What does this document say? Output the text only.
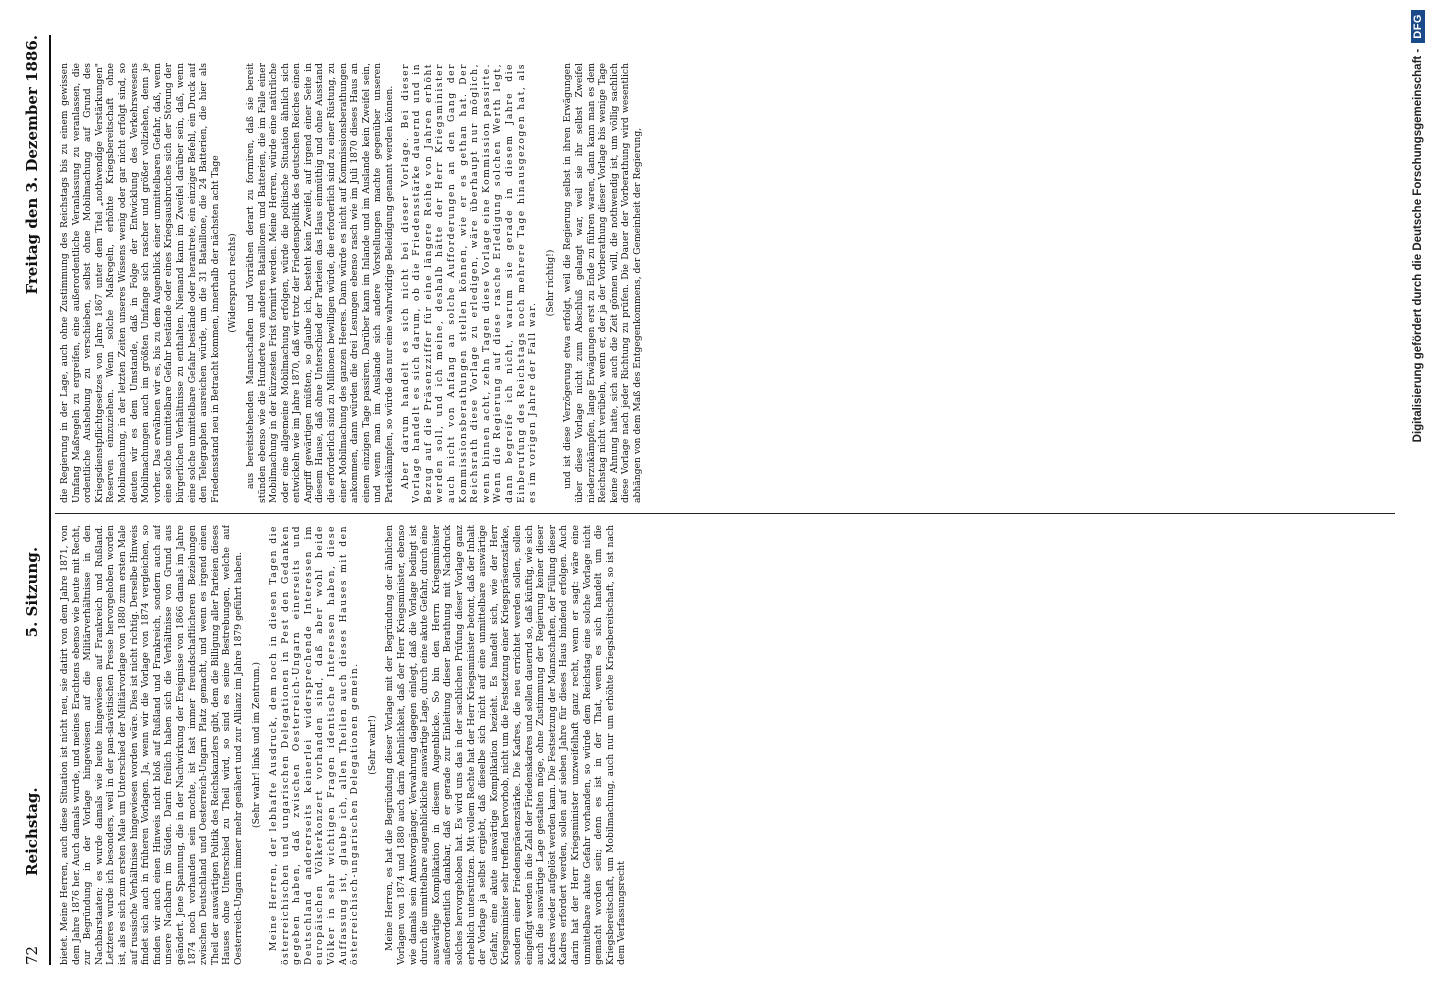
72
Reichstag.
5. Sitzung.
Freitag den 3. Dezember 1886.

bietet. Meine Herren, auch diese Situation ist nicht neu, sie datirt von dem Jahre 1871, von dem Jahre 1876 her. Auch damals wurde, und meines Erachtens ebenso wie heute mit Recht, zur Begründung in der Vorlage hingewiesen auf die Militärverhältnisse in den Nachbarstaaten; es wurde damals wie heute hingewiesen auf Frankreich und Rußland. Letzteres wurde ich besonders, weil in der pan-slavistischen Presse hervorgehoben worden ist, als es sich zum ersten Male um Unterschied der Militärvorlage von 1880 zum ersten Male auf russische Verhältnisse hingewiesen worden wäre. Dies ist nicht richtig. Derselbe Hinweis findet sich auch in früheren Vorlagen. Ja, wenn wir die Vorlage von 1874 vergleichen, so finden wir auch einen Hinweis nicht bloß auf Rußland und Frankreich, sondern auch auf unsere Nachbarn im Süden. Darin freilich haben sich die Verhältnisse von Grund aus geändert. Jene Spannung, die in der Nachwirkung der Ereignisse von 1866 damals im Jahre 1874 noch vorhanden sein mochte, ist fast immer freundschaftlicheren Beziehungen zwischen Deutschland und Oesterreich-Ungarn Platz gemacht, und wenn es irgend einen Theil der auswärtigen Politik des Reichskanzlers gibt, dem die Billigung aller Parteien dieses Hauses ohne Unterschied zu Theil wird, so sind es seine Bestrebungen, welche auf Oesterreich-Ungarn immer mehr genähert und zur Allianz im Jahre 1879 geführt haben. (Sehr wahr! links und im Zentrum.) Meine Herren, der lebhafte Ausdruck, dem noch in diesen Tagen die österreichischen und ungarischen Delegationen in Pest den Gedanken gegeben haben, daß zwischen Oesterreich-Ungarn einerseits und Deutschland andererseits keinerlei widersprechende Interessen im europäischen Völkerkonzert vorhanden sind, daß aber wohl beide Völker in sehr wichtigen Fragen identische Interessen haben, diese Auffassung ist, glaube ich, allen Theilen auch dieses Hauses mit den österreichisch-ungarischen Delegationen gemein. (Sehr wahr!) Meine Herren, es hat die Begründung dieser Vorlage mit der Begründung der ähnlichen Vorlagen von 1874 und 1880 auch darin Aehnlichkeit, daß der Herr Kriegsminister, ebenso wie damals sein Amtsvorgänger, Verwahrung dagegen einlegt, daß die Vorlage bedingt ist durch die unmittelbare augenblickliche auswärtige Lage, durch eine akute Gefahr, durch eine auswärtige Komplikation in diesem Augenblicke. So bin den Herrn Kriegsminister außerordentlich dankbar, daß er gerade zur Einleitung dieser Berathung mit Nachdruck solches hervorgehoben hat. Es wird uns das in der sachlichen Prüfung dieser Vorlage ganz erheblich unterstützen. Mit vollem Rechte hat der Herr Kriegsminister betont, daß der Inhalt der Vorlage ja selbst ergiebt, daß dieselbe sich nicht auf eine unmittelbare auswärtige Gefahr, eine akute auswärtige Komplikation bezieht. Es handelt sich, wie der Herr Kriegsminister sehr treffend hervorhob, nicht um die Festsetzung einer Kriegspräsenzstärke, sondern einer Friedenspräsenzstärke. Die Kadres, die neu errichtet werden sollen, sollen eingefügt werden in die Zahl der Friedenskadres und sollen dauernd so, daß künftig, wie sich auch die auswärtige Lage gestalten möge, ohne Zustimmung der Regierung keiner dieser Kadres wieder aufgelöst werden kann. Die Festsetzung der Mannschaften, der Füllung dieser Kadres erfordert werden, sollen auf sieben Jahre für dieses Haus bindend erfolgen. Auch darin hat der Herr Kriegsminister unzweifelhaft ganz recht, wenn er sagt: wäre eine unmittelbare akute Gefahr vorhanden, so würde dem Reichstag eine solche Vorlage nicht gemacht worden sein; denn es ist in der That, wenn es sich handelt um die Kriegsbereitschaft, um Mobilmachung, auch nur um erhöhte Kriegsbereitschaft, so ist nach dem Verfassungsrecht

die Regierung in der Lage, auch ohne Zustimmung des Reichstags bis zu einem gewissen Umfang Maßregeln zu ergreifen, eine außerordentliche Veranlassung zu veranlassen, die ordentliche Aushebung zu verschieben, selbst ohne Mobilmachung auf Grund des Kriegsdienstpflichtgesetzes von Jahre 1867 unter dem Titel „nothwendige Verstärkungen" Reserven einzuziehen. Wenn solche Maßregeln, erhöhte Kriegsbereitschaft ohne Mobilmachung, in der letzten Zeiten unseres Wissens wenig oder gar nicht erfolgt sind, so deuten wir es dem Umstande, daß in Folge der Entwicklung des Verkehrswesens Mobilmachungen auch im größten Umfange sich rascher und größer vollziehen, denn je vorher. Das erwähnen wir es, bis zu dem Augenblick einer unmittelbaren Gefahr, daß, wenn eine solche unmittelbare Gefahr bestände oder eines Kriegsausbruches sich der Störung der bürgerlichen Verhältnisse zu enthalten. Niemand kann im Zweifel darüber sein, daß, wenn eine solche unmittelbare Gefahr bestände oder herantrete, ein einziger Befehl, ein Druck auf den Telegraphen ausreichen würde, um die 31 Bataillone, die 24 Batterien, die hier als Friedensstand neu in Betracht kommen, innerhalb der nächsten acht Tage (Widerspruch rechts) aus bereitstehenden Mannschaften und Vorräthen derart zu formiren, daß sie bereit stünden ebenso wie die Hunderte von anderen Bataillonen und Batterien, die im Falle einer Mobilmachung in der kürzesten Frist formirt werden. Meine Herren, würde eine natürliche oder eine allgemeine Mobilmachung erfolgen, würde die politische Situation ähnlich sich entwickeln wie im Jahre 1870, daß wir trotz der Friedenspolitik des deutschen Reiches einen Angriff gewärtigen müßten, so glaube ich, besteht kein Zweifel, auf irgend einer Seite in diesem Hause, daß ohne Unterschied der Parteien das Haus einmüthig und ohne Ausstand die erforderlich sind zu Millionen bewilligen würde, die erforderlich sind zu einer Rüstung, zu einer Mobilmachung des ganzen Heeres. Dann würde es nicht auf Kommissionsberathungen ankommen, dann würden die drei Lesungen ebenso rasch wie im Juli 1870 dieses Haus an einem einzigen Tage passiren. Darüber kann im Inlande und im Auslande kein Zweifel sein, und wenn man im Auslande sich andere Vorstellungen machte gegenüber unseren Parteikämpfen, so würde das nur eine wahrwidrige Beleidigung genannt werden können. Aber darum handelt es sich nicht bei dieser Vorlage. Bei dieser Vorlage handelt es sich darum, ob die Friedensstärke dauernd und in Bezug auf die Präsenzziffer für eine längere Reihe von Jahren erhöht werden soll, und ich meine, deshalb hätte der Herr Kriegsminister auch nicht von Anfang an solche Aufforderungen an den Gang der Kommissionsberathungen stellen können, wie er es gethan hat. Der Reichsrath diese Vorlage zu erledigen, wäre überhaupt nur möglich, wenn binnen acht, zehn Tagen diese Vorlage eine Kommission passirte. Wenn die Regierung auf diese rasche Erledigung solchen Werth legt, dann begreife ich nicht, warum sie gerade in diesem Jahre die Einberufung des Reichstags noch mehrere Tage hinausgezogen hat, als es im vorigen Jahre der Fall war.

(Sehr richtig!) und ist diese Verzögerung etwa erfolgt, weil die Regierung selbst in ihren Erwägungen über diese Vorlage nicht zum Abschluß gelangt war, weil sie ihr selbst Zweifel niederzukämpfen, lange Erwägungen erst zu Ende zu führen waren, dann kann man es dem Reichstag nicht verübeln, wenn er, der ja der Vorberathung dieser Vorlage bis wenige Tage keine Ahnung hatte, sich auch die Zeit gönnen will, die nothwendig ist, um völlig sachlich diese Vorlage nach jeder Richtung zu prüfen. Die Dauer der Vorberathung wird wesentlich abhängen von dem Maß des Entgegenkommens, der Gemeinheit der Regierung,	Digitalisierung gefördert durch die Deutsche Forschungsgemeinschaft -
DFG
